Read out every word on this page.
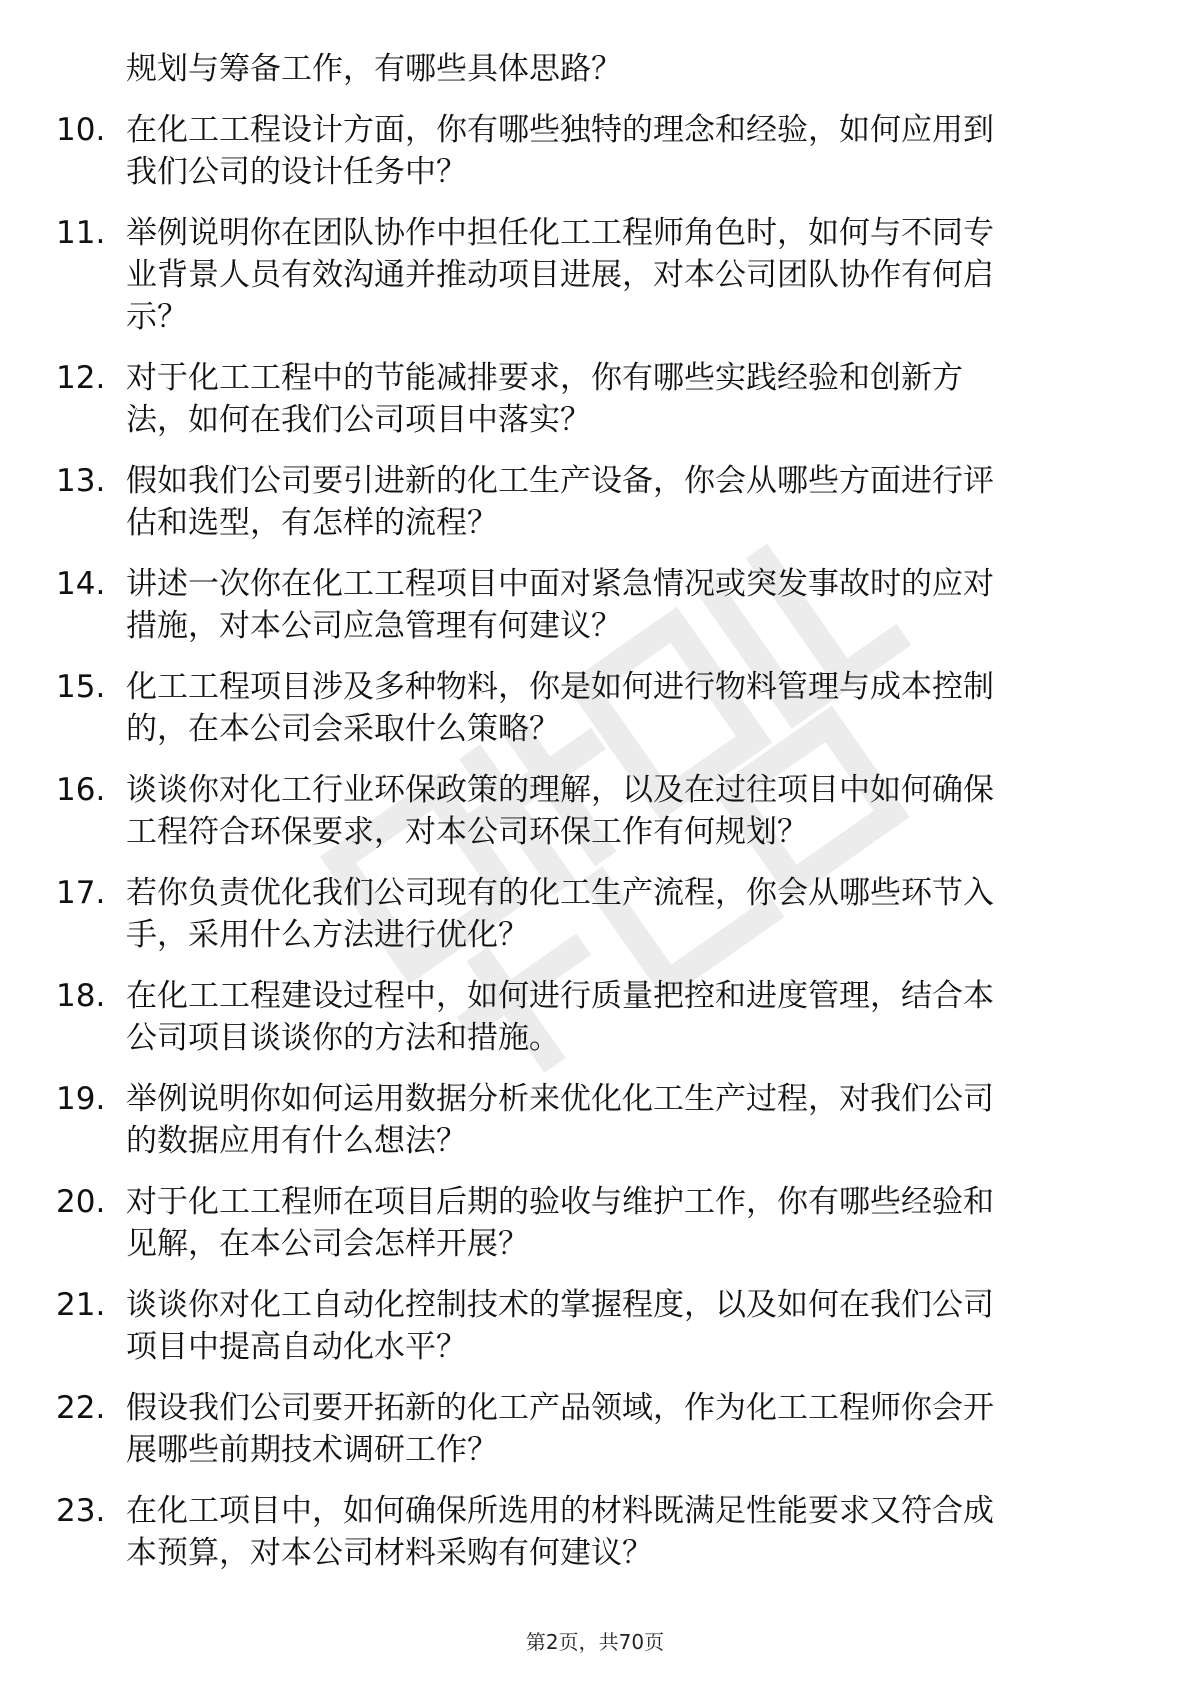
规划与筹备工作，有哪些具体思路？
10. 在化工工程设计方面，你有哪些独特的理念和经验，如何应用到
我们公司的设计任务中？
11. 举例说明你在团队协作中担任化工工程师角色时，如何与不同专
业背景人员有效沟通并推动项目进展，对本公司团队协作有何启
示？
12. 对于化工工程中的节能减排要求，你有哪些实践经验和创新方
法，如何在我们公司项目中落实？
13. 假如我们公司要引进新的化工生产设备，你会从哪些方面进行评
估和选型，有怎样的流程？
14. 讲述一次你在化工工程项目中面对紧急情况或突发事故时的应对
措施，对本公司应急管理有何建议？
15. 化工工程项目涉及多种物料，你是如何进行物料管理与成本控制
的，在本公司会采取什么策略？
16. 谈谈你对化工行业环保政策的理解，以及在过往项目中如何确保
工程符合环保要求，对本公司环保工作有何规划？
17. 若你负责优化我们公司现有的化工生产流程，你会从哪些环节入
手，采用什么方法进行优化？
18. 在化工工程建设过程中，如何进行质量把控和进度管理，结合本
公司项目谈谈你的方法和措施。
19. 举例说明你如何运用数据分析来优化化工生产过程，对我们公司
的数据应用有什么想法？
20. 对于化工工程师在项目后期的验收与维护工作，你有哪些经验和
见解，在本公司会怎样开展？
21. 谈谈你对化工自动化控制技术的掌握程度，以及如何在我们公司
项目中提高自动化水平？
22. 假设我们公司要开拓新的化工产品领域，作为化工工程师你会开
展哪些前期技术调研工作？
23. 在化工项目中，如何确保所选用的材料既满足性能要求又符合成
本预算，对本公司材料采购有何建议？
第2页，共70页
